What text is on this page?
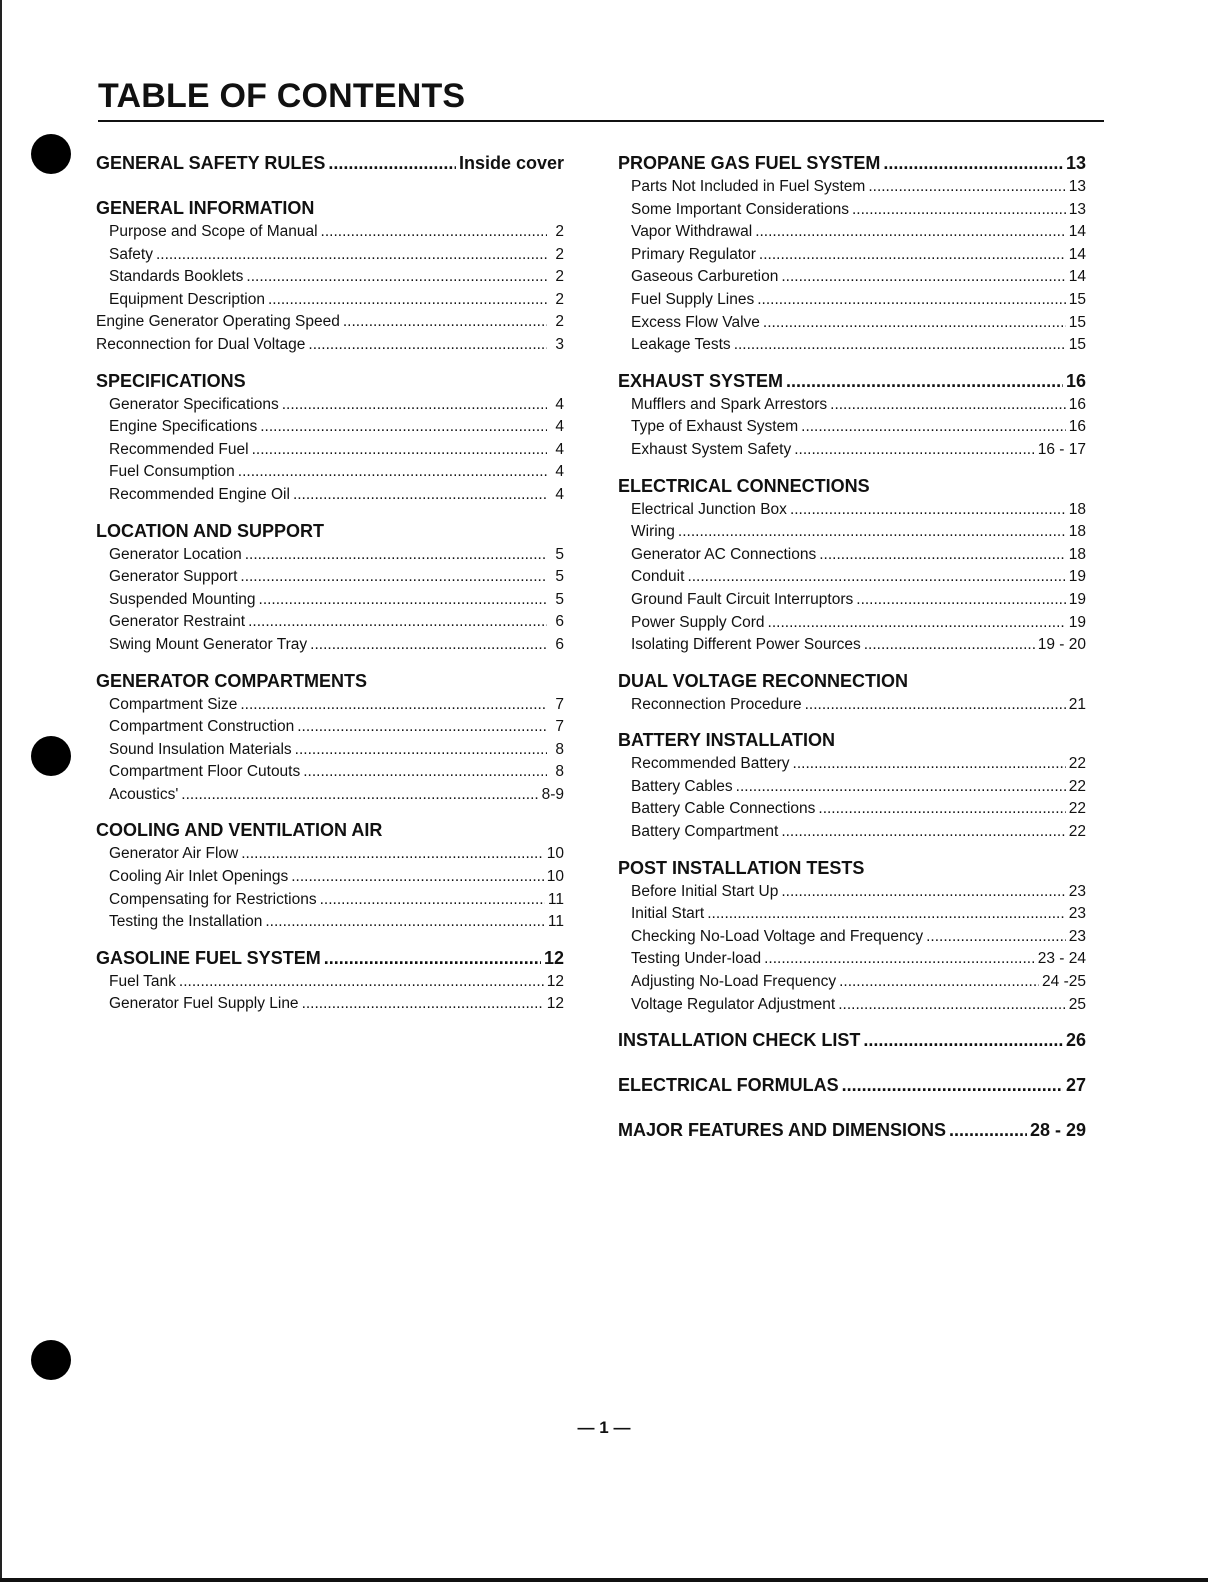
TABLE OF CONTENTS
GENERAL SAFETY RULES .....	Inside cover
GENERAL INFORMATION
Purpose and Scope of Manual .....	2
Safety .....	2
Standards Booklets .....	2
Equipment Description .....	2
Engine Generator Operating Speed .....	2
Reconnection for Dual Voltage .....	3
SPECIFICATIONS
Generator Specifications .....	4
Engine Specifications .....	4
Recommended Fuel .....	4
Fuel Consumption .....	4
Recommended Engine Oil .....	4
LOCATION AND SUPPORT
Generator Location .....	5
Generator Support .....	5
Suspended Mounting .....	5
Generator Restraint .....	6
Swing Mount Generator Tray .....	6
GENERATOR COMPARTMENTS
Compartment Size .....	7
Compartment Construction .....	7
Sound Insulation Materials .....	8
Compartment Floor Cutouts .....	8
Acoustics' .....	8-9
COOLING AND VENTILATION AIR
Generator Air Flow .....	10
Cooling Air Inlet Openings .....	10
Compensating for Restrictions .....	11
Testing the Installation .....	11
GASOLINE FUEL SYSTEM .....	12
Fuel Tank .....	12
Generator Fuel Supply Line .....	12
PROPANE GAS FUEL SYSTEM .....	13
Parts Not Included in Fuel System .....	13
Some Important Considerations .....	13
Vapor Withdrawal .....	14
Primary Regulator .....	14
Gaseous Carburetion .....	14
Fuel Supply Lines .....	15
Excess Flow Valve .....	15
Leakage Tests .....	15
EXHAUST SYSTEM .....	16
Mufflers and Spark Arrestors .....	16
Type of Exhaust System .....	16
Exhaust System Safety .....	16 - 17
ELECTRICAL CONNECTIONS
Electrical Junction Box .....	18
Wiring .....	18
Generator AC Connections .....	18
Conduit .....	19
Ground Fault Circuit Interruptors .....	19
Power Supply Cord .....	19
Isolating Different Power Sources .....	19 - 20
DUAL VOLTAGE RECONNECTION
Reconnection Procedure .....	21
BATTERY INSTALLATION
Recommended Battery .....	22
Battery Cables .....	22
Battery Cable Connections .....	22
Battery Compartment .....	22
POST INSTALLATION TESTS
Before Initial Start Up .....	23
Initial Start .....	23
Checking No-Load Voltage and Frequency .....	23
Testing Under-load .....	23 - 24
Adjusting No-Load Frequency .....	24 -25
Voltage Regulator Adjustment .....	25
INSTALLATION CHECK LIST .....	26
ELECTRICAL FORMULAS .....	27
MAJOR FEATURES AND DIMENSIONS .....	28 - 29
— 1 —
